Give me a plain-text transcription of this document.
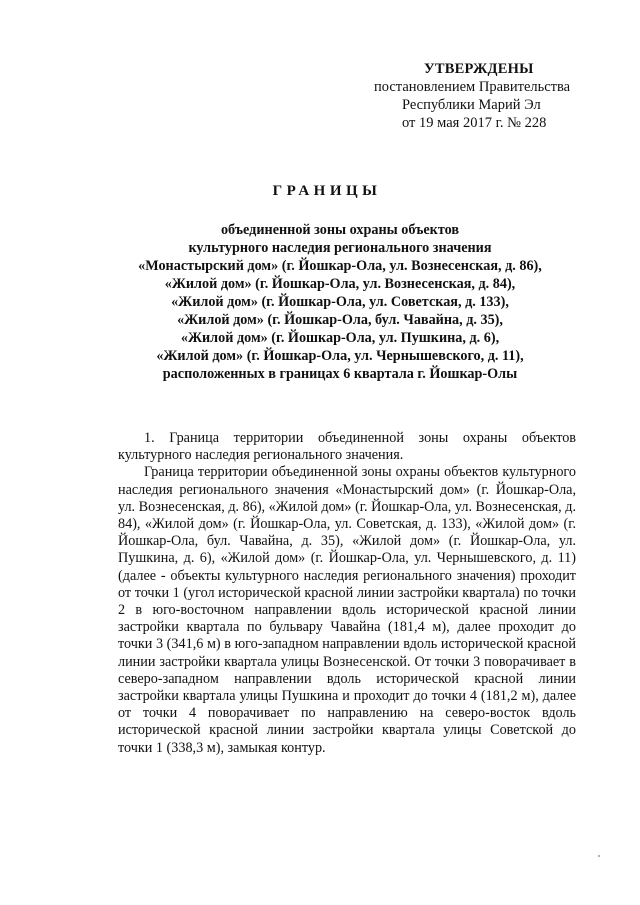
УТВЕРЖДЕНЫ
постановлением Правительства
Республики Марий Эл
от 19 мая 2017 г. № 228
ГРАНИЦЫ
объединенной зоны охраны объектов
культурного наследия регионального значения
«Монастырский дом» (г. Йошкар-Ола, ул. Вознесенская, д. 86),
«Жилой дом» (г. Йошкар-Ола, ул. Вознесенская, д. 84),
«Жилой дом» (г. Йошкар-Ола, ул. Советская, д. 133),
«Жилой дом» (г. Йошкар-Ола, бул. Чавайна, д. 35),
«Жилой дом» (г. Йошкар-Ола, ул. Пушкина, д. 6),
«Жилой дом» (г. Йошкар-Ола, ул. Чернышевского, д. 11),
расположенных в границах 6 квартала г. Йошкар-Олы

1. Граница территории объединенной зоны охраны объектов культурного наследия регионального значения.

Граница территории объединенной зоны охраны объектов культурного наследия регионального значения «Монастырский дом» (г. Йошкар-Ола, ул. Вознесенская, д. 86), «Жилой дом» (г. Йошкар-Ола, ул. Вознесенская, д. 84), «Жилой дом» (г. Йошкар-Ола, ул. Советская, д. 133), «Жилой дом» (г. Йошкар-Ола, бул. Чавайна, д. 35), «Жилой дом» (г. Йошкар-Ола, ул. Пушкина, д. 6), «Жилой дом» (г. Йошкар-Ола, ул. Чернышевского, д. 11) (далее - объекты культурного наследия регионального значения) проходит от точки 1 (угол исторической красной линии застройки квартала) по точки 2 в юго-восточном направлении вдоль исторической красной линии застройки квартала по бульвару Чавайна (181,4 м), далее проходит до точки 3 (341,6 м) в юго-западном направлении вдоль исторической красной линии застройки квартала улицы Вознесенской. От точки 3 поворачивает в северо-западном направлении вдоль исторической красной линии застройки квартала улицы Пушкина и проходит до точки 4 (181,2 м), далее от точки 4 поворачивает по направлению на северо-восток вдоль исторической красной линии застройки квартала улицы Советской до точки 1 (338,3 м), замыкая контур.
